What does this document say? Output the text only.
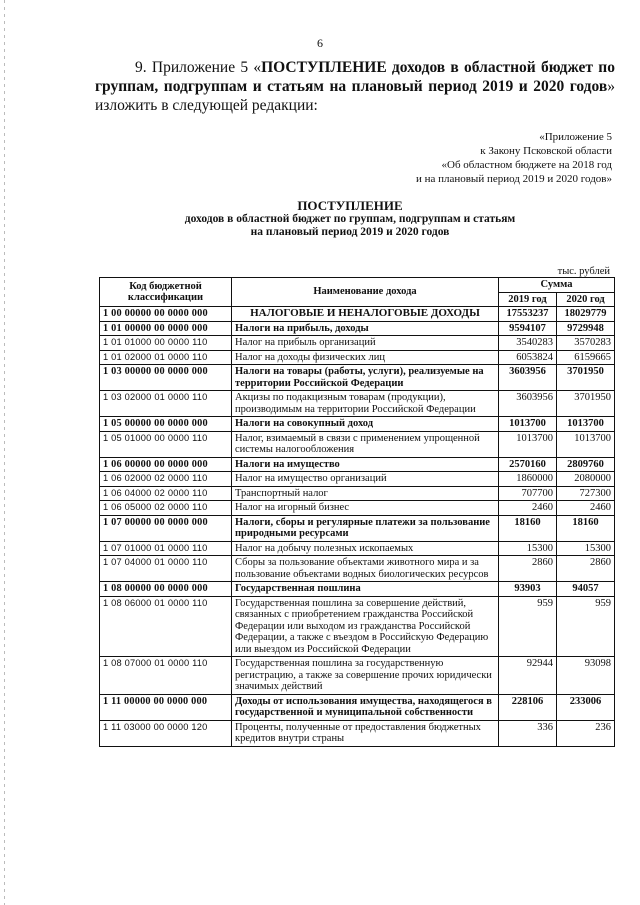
6

9. Приложение 5 «ПОСТУПЛЕНИЕ доходов в областной бюджет по группам, подгруппам и статьям на плановый период 2019 и 2020 годов» изложить в следующей редакции:

«Приложение 5
к Закону Псковской области
«Об областном бюджете на 2018 год
и на плановый период 2019 и 2020 годов»
ПОСТУПЛЕНИЕ
доходов в областной бюджет по группам, подгруппам и статьям
на плановый период 2019 и 2020 годов
тыс. рублей
Код бюджетной классификации	Наименование дохода	Сумма	
		2019 год	2020 год
1 00 00000 00 0000 000	НАЛОГОВЫЕ И НЕНАЛОГОВЫЕ ДОХОДЫ	17553237	18029779
1 01 00000 00 0000 000	Налоги на прибыль, доходы	9594107	9729948
1 01 01000 00 0000 110	Налог на прибыль организаций	3540283	3570283
1 01 02000 01 0000 110	Налог на доходы физических лиц	6053824	6159665
1 03 00000 00 0000 000	Налоги на товары (работы, услуги), реализуемые на территории Российской Федерации	3603956	3701950
1 03 02000 01 0000 110	Акцизы по подакцизным товарам (продукции), производимым на территории Российской Федерации	3603956	3701950
1 05 00000 00 0000 000	Налоги на совокупный доход	1013700	1013700
1 05 01000 00 0000 110	Налог, взимаемый в связи с применением упрощенной системы налогообложения	1013700	1013700
1 06 00000 00 0000 000	Налоги на имущество	2570160	2809760
1 06 02000 02 0000 110	Налог на имущество организаций	1860000	2080000
1 06 04000 02 0000 110	Транспортный налог	707700	727300
1 06 05000 02 0000 110	Налог на игорный бизнес	2460	2460
1 07 00000 00 0000 000	Налоги, сборы и регулярные платежи за пользование природными ресурсами	18160	18160
1 07 01000 01 0000 110	Налог на добычу полезных ископаемых	15300	15300
1 07 04000 01 0000 110	Сборы за пользование объектами животного мира и за пользование объектами водных биологических ресурсов	2860	2860
1 08 00000 00 0000 000	Государственная пошлина	93903	94057
1 08 06000 01 0000 110	Государственная пошлина за совершение действий, связанных с приобретением гражданства Российской Федерации или выходом из гражданства Российской Федерации, а также с въездом в Российскую Федерацию или выездом из Российской Федерации	959	959
1 08 07000 01 0000 110	Государственная пошлина за государственную регистрацию, а также за совершение прочих юридически значимых действий	92944	93098
1 11 00000 00 0000 000	Доходы от использования имущества, находящегося в государственной и муниципальной собственности	228106	233006
1 11 03000 00 0000 120	Проценты, полученные от предоставления бюджетных кредитов внутри страны	336	236
